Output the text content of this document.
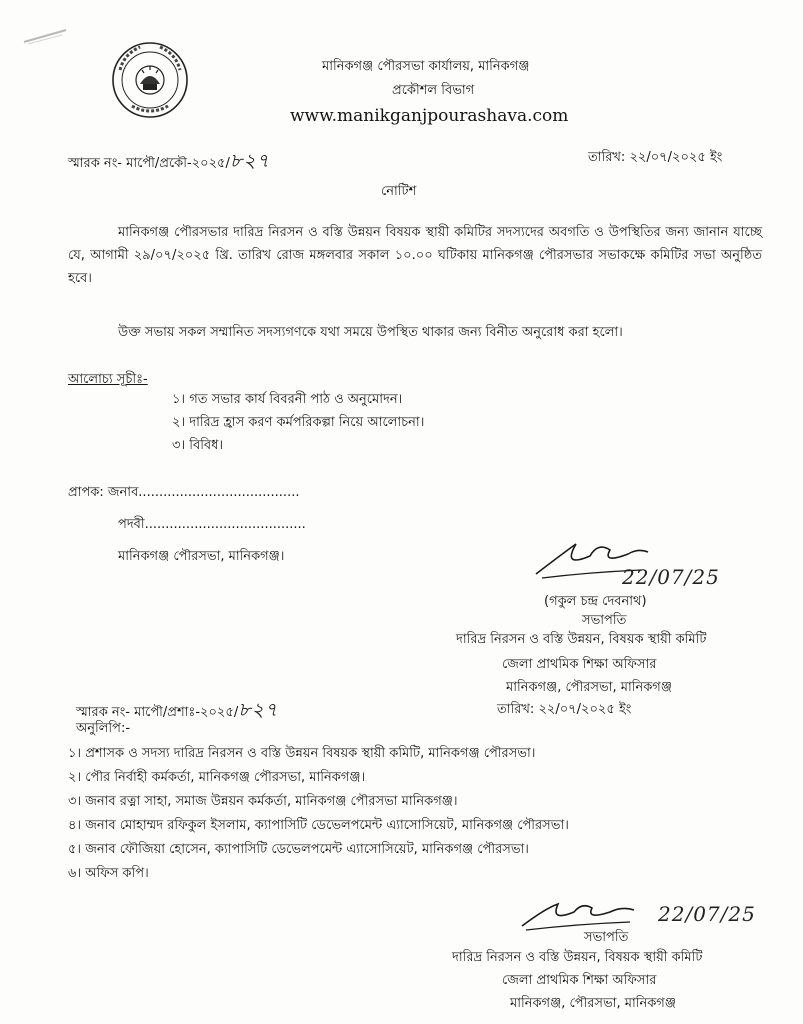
মানিকগঞ্জ পৌরসভা কার্যালয়, মানিকগঞ্জ
প্রকৌশল বিভাগ
www.manikganjpourashava.com
স্মারক নং- মাপৌ/প্রকৌ-২০২৫/৮২৭	তারিখ: ২২/০৭/২০২৫ ইং
নোটিশ

মানিকগঞ্জ পৌরসভার দারিদ্র নিরসন ও বস্তি উন্নয়ন বিষয়ক স্থায়ী কমিটির সদস্যদের অবগতি ও উপস্থিতির জন্য জানান যাচ্ছে যে, আগামী ২৯/০৭/২০২৫ খ্রি. তারিখ রোজ মঙ্গলবার সকাল ১০.০০ ঘটিকায় মানিকগঞ্জ পৌরসভার সভাকক্ষে কমিটির সভা অনুষ্ঠিত হবে।

উক্ত সভায় সকল সম্মানিত সদস্যগণকে যথা সময়ে উপস্থিত থাকার জন্য বিনীত অনুরোধ করা হলো।

আলোচ্য সূচীঃ-
১। গত সভার কার্য বিবরনী পাঠ ও অনুমোদন।
২। দারিদ্র হ্রাস করণ কর্মপরিকল্পা নিয়ে আলোচনা।
৩। বিবিধ।
প্রাপক: জনাব.......................................
পদবী.......................................
মানিকগঞ্জ পৌরসভা, মানিকগঞ্জ।
22/07/25
(গকুল চন্দ্র দেবনাথ)
সভাপতি
দারিদ্র নিরসন ও বস্তি উন্নয়ন, বিষয়ক স্থায়ী কমিটি
জেলা প্রাথমিক শিক্ষা অফিসার
মানিকগঞ্জ, পৌরসভা, মানিকগঞ্জ
তারিখ: ২২/০৭/২০২৫ ইং
স্মারক নং- মাপৌ/প্রশাঃ-২০২৫/৮২৭
অনুলিপি:-
১। প্রশাসক ও সদস্য দারিদ্র নিরসন ও বস্তি উন্নয়ন বিষয়ক স্থায়ী কমিটি, মানিকগঞ্জ পৌরসভা।
২। পৌর নির্বাহী কর্মকর্তা, মানিকগঞ্জ পৌরসভা, মানিকগঞ্জ।
৩। জনাব রত্না সাহা, সমাজ উন্নয়ন কর্মকর্তা, মানিকগঞ্জ পৌরসভা মানিকগঞ্জ।
৪। জনাব মোহাম্মদ রফিকুল ইসলাম, ক্যাপাসিটি ডেভেলপমেন্ট এ্যাসোসিয়েট, মানিকগঞ্জ পৌরসভা।
৫। জনাব ফৌজিয়া হোসেন, ক্যাপাসিটি ডেভেলপমেন্ট এ্যাসোসিয়েট, মানিকগঞ্জ পৌরসভা।
৬। অফিস কপি।
22/07/25
সভাপতি
দারিদ্র নিরসন ও বস্তি উন্নয়ন, বিষয়ক স্থায়ী কমিটি
জেলা প্রাথমিক শিক্ষা অফিসার
মানিকগঞ্জ, পৌরসভা, মানিকগঞ্জ
